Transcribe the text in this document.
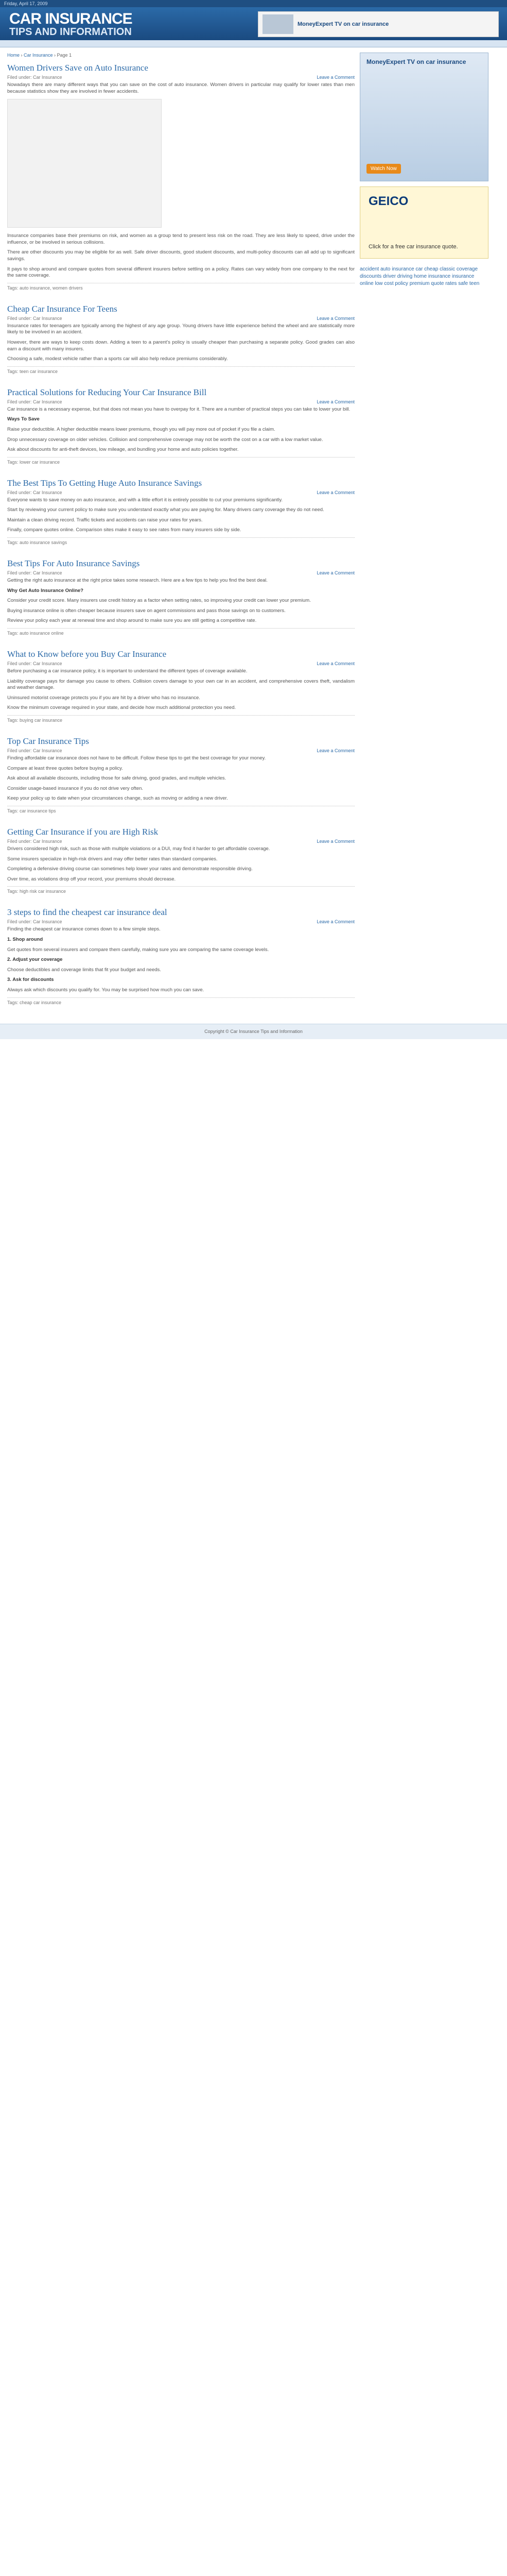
Friday, April 17, 2009
CAR INSURANCE
TIPS AND INFORMATION
MoneyExpert TV on car insurance
Home › Car Insurance › Page 1
Women Drivers Save on Auto Insurance
Filed under: Car Insurance	Leave a Comment

Nowadays there are many different ways that you can save on the cost of auto insurance. Women drivers in particular may qualify for lower rates than men because statistics show they are involved in fewer accidents.

Insurance companies base their premiums on risk, and women as a group tend to present less risk on the road. They are less likely to speed, drive under the influence, or be involved in serious collisions.

There are other discounts you may be eligible for as well. Safe driver discounts, good student discounts, and multi-policy discounts can all add up to significant savings.

It pays to shop around and compare quotes from several different insurers before settling on a policy. Rates can vary widely from one company to the next for the same coverage.

Tags: auto insurance, women drivers
Cheap Car Insurance For Teens
Filed under: Car Insurance	Leave a Comment

Insurance rates for teenagers are typically among the highest of any age group. Young drivers have little experience behind the wheel and are statistically more likely to be involved in an accident.

However, there are ways to keep costs down. Adding a teen to a parent's policy is usually cheaper than purchasing a separate policy. Good grades can also earn a discount with many insurers.

Choosing a safe, modest vehicle rather than a sports car will also help reduce premiums considerably.

Tags: teen car insurance
Practical Solutions for Reducing Your Car Insurance Bill
Filed under: Car Insurance	Leave a Comment

Car insurance is a necessary expense, but that does not mean you have to overpay for it. There are a number of practical steps you can take to lower your bill.

Ways To Save

Raise your deductible. A higher deductible means lower premiums, though you will pay more out of pocket if you file a claim.

Drop unnecessary coverage on older vehicles. Collision and comprehensive coverage may not be worth the cost on a car with a low market value.

Ask about discounts for anti-theft devices, low mileage, and bundling your home and auto policies together.

Tags: lower car insurance
The Best Tips To Getting Huge Auto Insurance Savings
Filed under: Car Insurance	Leave a Comment

Everyone wants to save money on auto insurance, and with a little effort it is entirely possible to cut your premiums significantly.

Start by reviewing your current policy to make sure you understand exactly what you are paying for. Many drivers carry coverage they do not need.

Maintain a clean driving record. Traffic tickets and accidents can raise your rates for years.

Finally, compare quotes online. Comparison sites make it easy to see rates from many insurers side by side.

Tags: auto insurance savings
Best Tips For Auto Insurance Savings
Filed under: Car Insurance	Leave a Comment

Getting the right auto insurance at the right price takes some research. Here are a few tips to help you find the best deal.

Why Get Auto Insurance Online?

Consider your credit score. Many insurers use credit history as a factor when setting rates, so improving your credit can lower your premium.

Buying insurance online is often cheaper because insurers save on agent commissions and pass those savings on to customers.

Review your policy each year at renewal time and shop around to make sure you are still getting a competitive rate.

Tags: auto insurance online
What to Know before you Buy Car Insurance
Filed under: Car Insurance	Leave a Comment

Before purchasing a car insurance policy, it is important to understand the different types of coverage available.

Liability coverage pays for damage you cause to others. Collision covers damage to your own car in an accident, and comprehensive covers theft, vandalism and weather damage.

Uninsured motorist coverage protects you if you are hit by a driver who has no insurance.

Know the minimum coverage required in your state, and decide how much additional protection you need.

Tags: buying car insurance
Top Car Insurance Tips
Filed under: Car Insurance	Leave a Comment

Finding affordable car insurance does not have to be difficult. Follow these tips to get the best coverage for your money.

Compare at least three quotes before buying a policy.

Ask about all available discounts, including those for safe driving, good grades, and multiple vehicles.

Consider usage-based insurance if you do not drive very often.

Keep your policy up to date when your circumstances change, such as moving or adding a new driver.

Tags: car insurance tips
Getting Car Insurance if you are High Risk
Filed under: Car Insurance	Leave a Comment

Drivers considered high risk, such as those with multiple violations or a DUI, may find it harder to get affordable coverage.

Some insurers specialize in high-risk drivers and may offer better rates than standard companies.

Completing a defensive driving course can sometimes help lower your rates and demonstrate responsible driving.

Over time, as violations drop off your record, your premiums should decrease.

Tags: high risk car insurance
3 steps to find the cheapest car insurance deal
Filed under: Car Insurance	Leave a Comment

Finding the cheapest car insurance comes down to a few simple steps.

1. Shop around

Get quotes from several insurers and compare them carefully, making sure you are comparing the same coverage levels.

2. Adjust your coverage

Choose deductibles and coverage limits that fit your budget and needs.

3. Ask for discounts

Always ask which discounts you qualify for. You may be surprised how much you can save.

Tags: cheap car insurance
MoneyExpert TV on car insurance
Watch Now
GEICO
Click for a free car insurance quote.
accident auto insurance car cheap classic coverage discounts driver driving home insurance insurance online low cost policy premium quote rates safe teen
Copyright © Car Insurance Tips and Information
